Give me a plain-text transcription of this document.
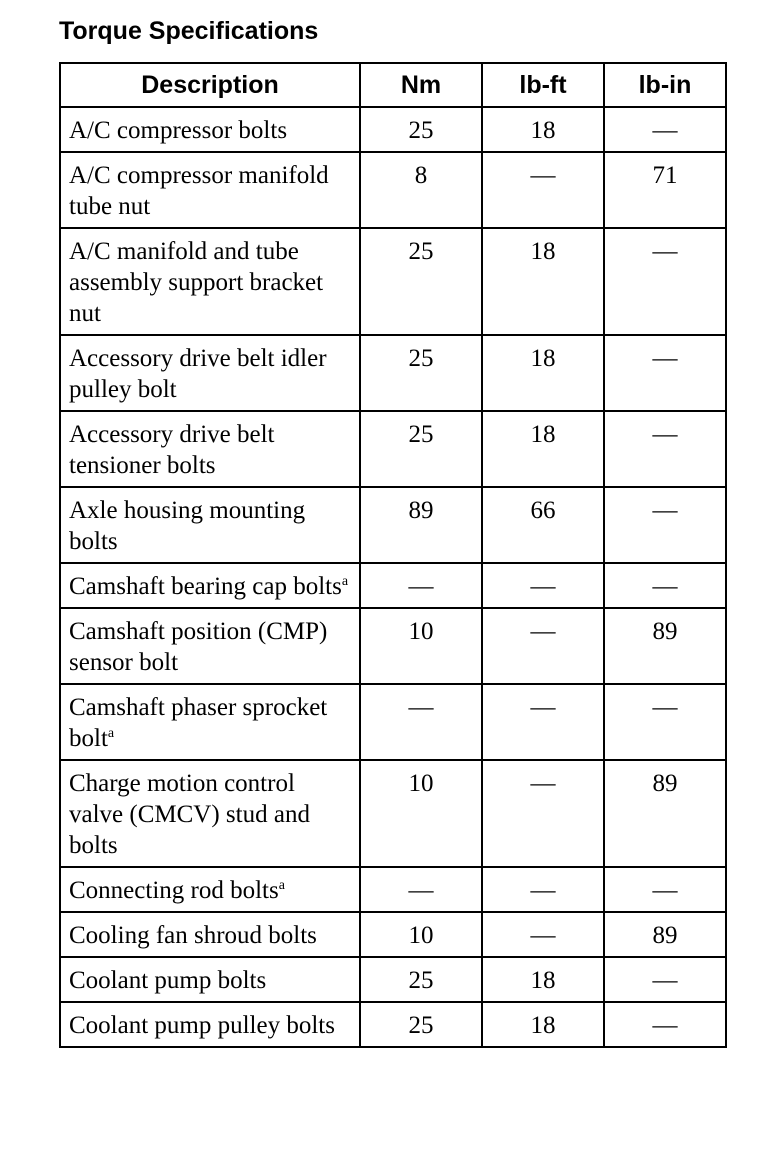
Torque Specifications
Description	Nm	lb-ft	lb-in
A/C compressor bolts	25	18	—
A/C compressor manifold tube nut	8	—	71
A/C manifold and tube assembly support bracket nut	25	18	—
Accessory drive belt idler pulley bolt	25	18	—
Accessory drive belt tensioner bolts	25	18	—
Axle housing mounting bolts	89	66	—
Camshaft bearing cap bolts$^a$	—	—	—
Camshaft position (CMP) sensor bolt	10	—	89
Camshaft phaser sprocket bolt$^a$	—	—	—
Charge motion control valve (CMCV) stud and bolts	10	—	89
Connecting rod bolts$^a$	—	—	—
Cooling fan shroud bolts	10	—	89
Coolant pump bolts	25	18	—
Coolant pump pulley bolts	25	18	—
